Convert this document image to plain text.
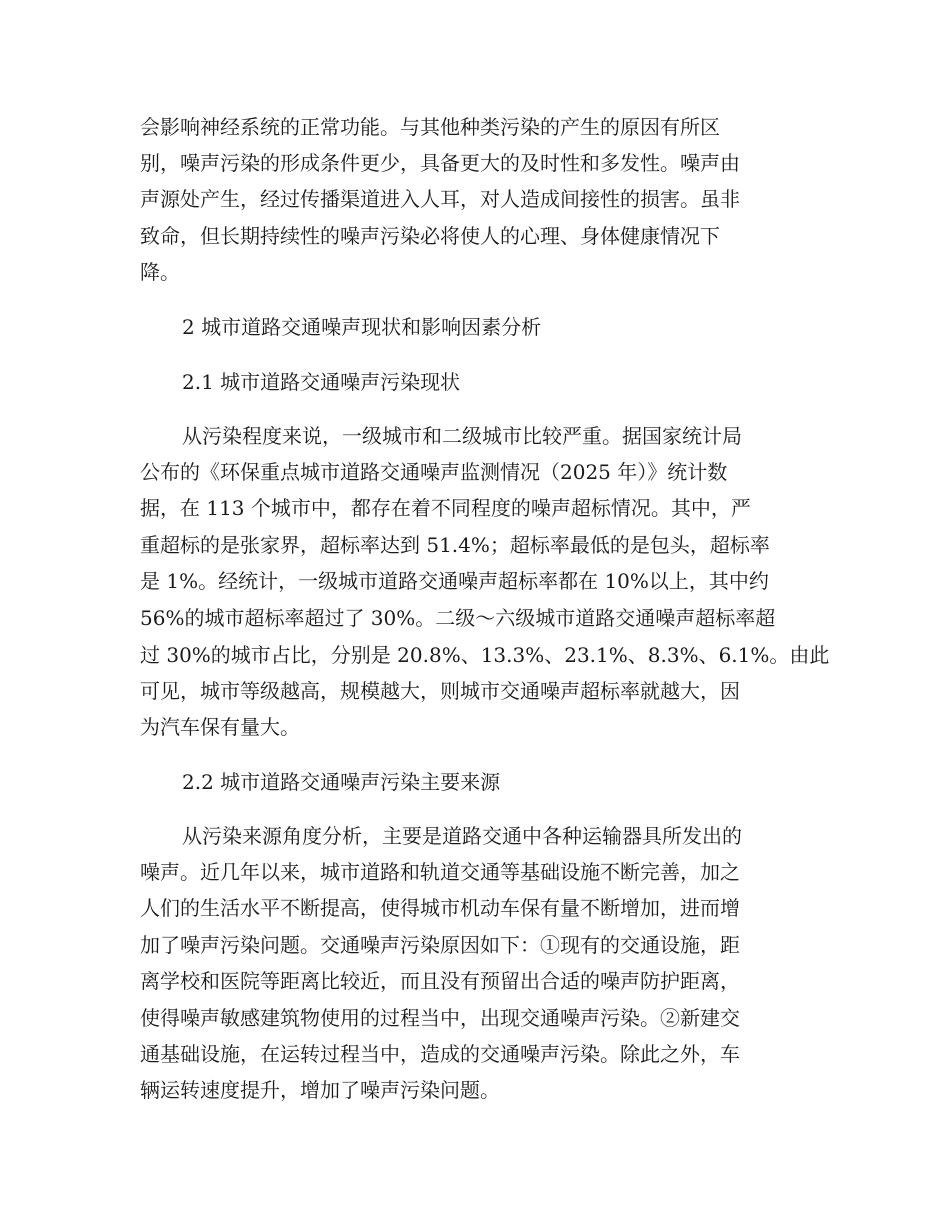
会影响神经系统的正常功能。与其他种类污染的产生的原因有所区
别，噪声污染的形成条件更少，具备更大的及时性和多发性。噪声由
声源处产生，经过传播渠道进入人耳，对人造成间接性的损害。虽非
致命，但长期持续性的噪声污染必将使人的心理、身体健康情况下
降。
2 城市道路交通噪声现状和影响因素分析
2.1 城市道路交通噪声污染现状
从污染程度来说，一级城市和二级城市比较严重。据国家统计局
公布的《环保重点城市道路交通噪声监测情况（2025 年）》统计数
据，在 113 个城市中，都存在着不同程度的噪声超标情况。其中，严
重超标的是张家界，超标率达到 51.4%；超标率最低的是包头，超标率
是 1%。经统计，一级城市道路交通噪声超标率都在 10%以上，其中约
56%的城市超标率超过了 30%。二级～六级城市道路交通噪声超标率超
过 30%的城市占比，分别是 20.8%、13.3%、23.1%、8.3%、6.1%。由此
可见，城市等级越高，规模越大，则城市交通噪声超标率就越大，因
为汽车保有量大。
2.2 城市道路交通噪声污染主要来源
从污染来源角度分析，主要是道路交通中各种运输器具所发出的
噪声。近几年以来，城市道路和轨道交通等基础设施不断完善，加之
人们的生活水平不断提高，使得城市机动车保有量不断增加，进而增
加了噪声污染问题。交通噪声污染原因如下：①现有的交通设施，距
离学校和医院等距离比较近，而且没有预留出合适的噪声防护距离，
使得噪声敏感建筑物使用的过程当中，出现交通噪声污染。②新建交
通基础设施，在运转过程当中，造成的交通噪声污染。除此之外，车
辆运转速度提升，增加了噪声污染问题。
